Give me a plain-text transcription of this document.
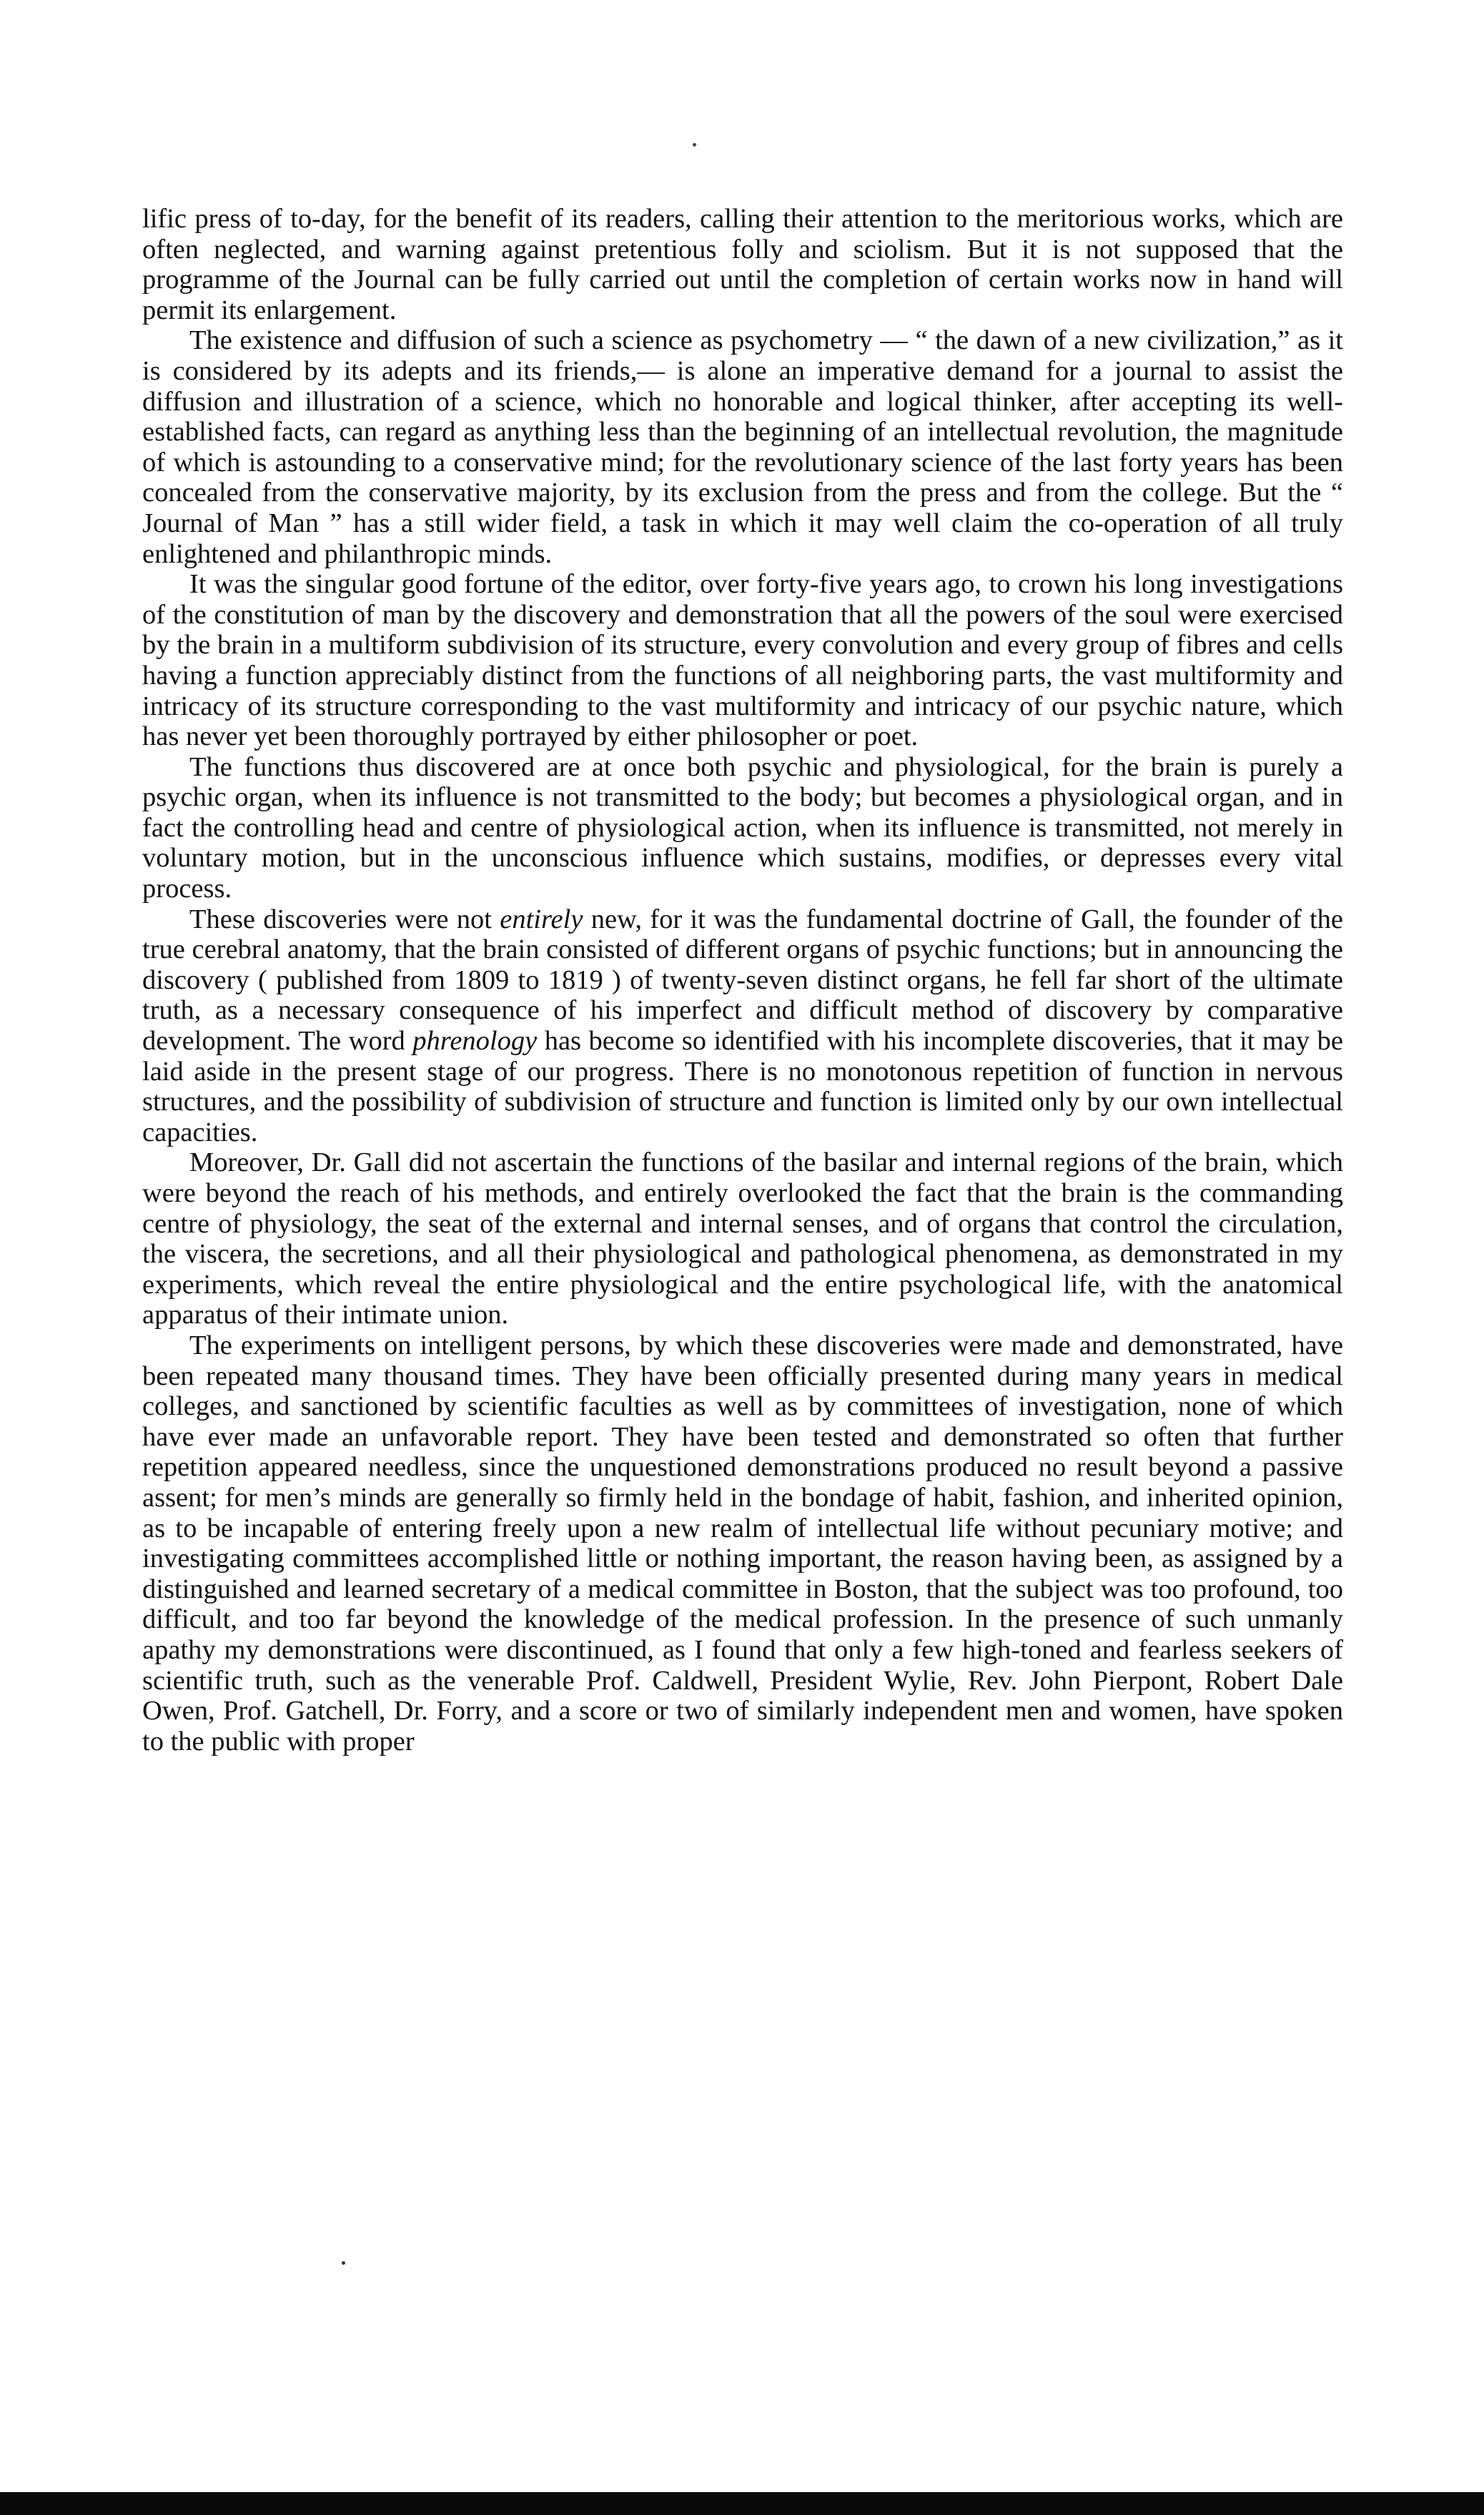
lific press of to-day, for the benefit of its readers, calling their attention to the meritorious works, which are often neglected, and warning against pretentious folly and sciolism. But it is not supposed that the programme of the Journal can be fully carried out until the completion of certain works now in hand will permit its enlargement.

The existence and diffusion of such a science as psychometry — “ the dawn of a new civilization,” as it is considered by its adepts and its friends,— is alone an imperative demand for a journal to assist the diffusion and illustration of a science, which no honorable and logical thinker, after accepting its well-established facts, can regard as anything less than the beginning of an intellectual revolution, the magnitude of which is astounding to a conservative mind; for the revolutionary science of the last forty years has been concealed from the conservative majority, by its exclusion from the press and from the college. But the “ Journal of Man ” has a still wider field, a task in which it may well claim the co-operation of all truly enlightened and philanthropic minds.

It was the singular good fortune of the editor, over forty-five years ago, to crown his long investigations of the constitution of man by the discovery and demonstration that all the powers of the soul were exercised by the brain in a multiform subdivision of its structure, every convolution and every group of fibres and cells having a function appreciably distinct from the functions of all neighboring parts, the vast multiformity and intricacy of its structure corresponding to the vast multiformity and intricacy of our psychic nature, which has never yet been thoroughly portrayed by either philosopher or poet.

The functions thus discovered are at once both psychic and physiological, for the brain is purely a psychic organ, when its influence is not transmitted to the body; but becomes a physiological organ, and in fact the controlling head and centre of physiological action, when its influence is transmitted, not merely in voluntary motion, but in the unconscious influence which sustains, modifies, or depresses every vital process.

These discoveries were not entirely new, for it was the fundamental doctrine of Gall, the founder of the true cerebral anatomy, that the brain consisted of different organs of psychic functions; but in announcing the discovery ( published from 1809 to 1819 ) of twenty-seven distinct organs, he fell far short of the ultimate truth, as a necessary consequence of his imperfect and difficult method of discovery by comparative development. The word phrenology has become so identified with his incomplete discoveries, that it may be laid aside in the present stage of our progress. There is no monotonous repetition of function in nervous structures, and the possibility of subdivision of structure and function is limited only by our own intellectual capacities.

Moreover, Dr. Gall did not ascertain the functions of the basilar and internal regions of the brain, which were beyond the reach of his methods, and entirely overlooked the fact that the brain is the commanding centre of physiology, the seat of the external and internal senses, and of organs that control the circulation, the viscera, the secretions, and all their physiological and pathological phenomena, as demonstrated in my experiments, which reveal the entire physiological and the entire psychological life, with the anatomical apparatus of their intimate union.

The experiments on intelligent persons, by which these discoveries were made and demonstrated, have been repeated many thousand times. They have been officially presented during many years in medical colleges, and sanctioned by scientific faculties as well as by committees of investigation, none of which have ever made an unfavorable report. They have been tested and demonstrated so often that further repetition appeared needless, since the unquestioned demonstrations produced no result beyond a passive assent; for men’s minds are generally so firmly held in the bondage of habit, fashion, and inherited opinion, as to be incapable of entering freely upon a new realm of intellectual life without pecuniary motive; and investigating committees accomplished little or nothing important, the reason having been, as assigned by a distinguished and learned secretary of a medical committee in Boston, that the subject was too profound, too difficult, and too far beyond the knowledge of the medical profession. In the presence of such unmanly apathy my demonstrations were discontinued, as I found that only a few high-toned and fearless seekers of scientific truth, such as the venerable Prof. Caldwell, President Wylie, Rev. John Pierpont, Robert Dale Owen, Prof. Gatchell, Dr. Forry, and a score or two of similarly independent men and women, have spoken to the public with proper
